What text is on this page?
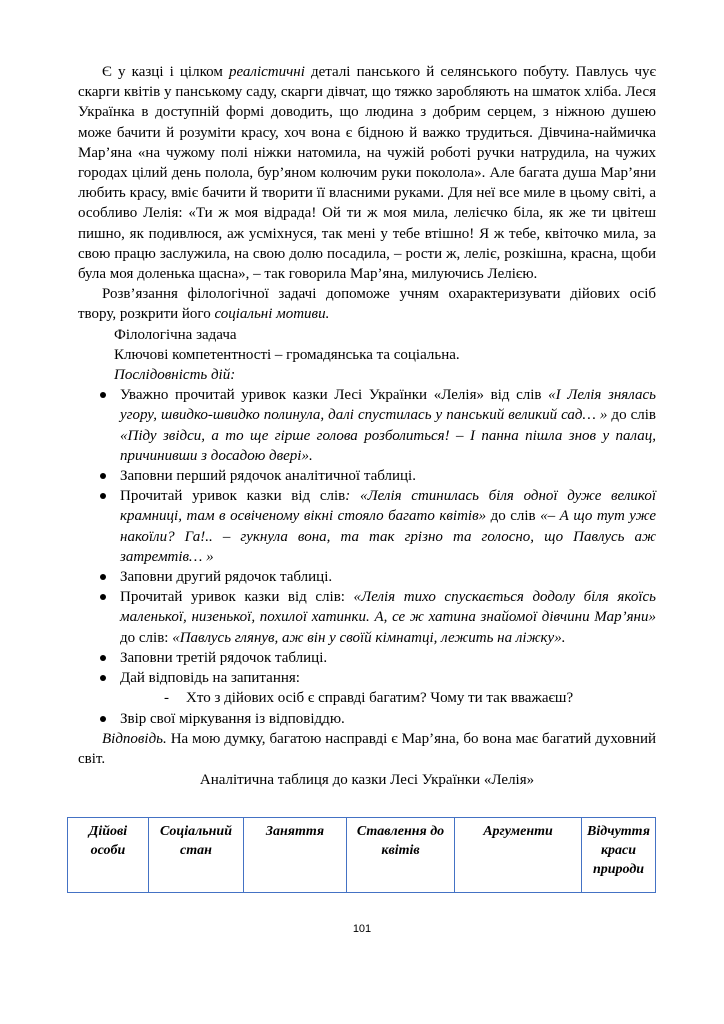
Є у казці і цілком реалістичні деталі панського й селянського побуту. Павлусь чує скарги квітів у панському саду, скарги дівчат, що тяжко заробляють на шматок хліба. Леся Українка в доступній формі доводить, що людина з добрим серцем, з ніжною душею може бачити й розуміти красу, хоч вона є бідною й важко трудиться. Дівчина-наймичка Мар’яна «на чужому полі ніжки натомила, на чужій роботі ручки натрудила, на чужих городах цілий день полола, бур’яном колючим руки поколола». Але багата душа Мар’яни любить красу, вміє бачити й творити її власними руками. Для неї все миле в цьому світі, а особливо Лелія: «Ти ж моя відрада! Ой ти ж моя мила, лелієчко біла, як же ти цвітеш пишно, як подивлюся, аж усміхнуся, так мені у тебе втішно! Я ж тебе, квіточко мила, за свою працю заслужила, на свою долю посадила, – рости ж, леліє, розкішна, красна, щоби була моя доленька щасна», – так говорила Мар’яна, милуючись Лелією.

Розв’язання філологічної задачі допоможе учням охарактеризувати дійових осіб твору, розкрити його соціальні мотиви.

Філологічна задача

Ключові компетентності – громадянська та соціальна.

Послідовність дій:

Уважно прочитай уривок казки Лесі Українки «Лелія» від слів «І Лелія знялась угору, швидко-швидко полинула, далі спустилась у панський великий сад… » до слів «Піду звідси, а то ще гірше голова розболиться! – І панна пішла знов у палац, причинивши з досадою двері».
Заповни перший рядочок аналітичної таблиці.
Прочитай уривок казки від слів: «Лелія стинилась біля одної дуже великої крамниці, там в освіченому вікні стояло багато квітів» до слів «– А що тут уже накоїли? Га!.. – гукнула вона, та так грізно та голосно, що Павлусь аж затремтів… »
Заповни другий рядочок таблиці.
Прочитай уривок казки від слів: «Лелія тихо спускається додолу біля якоїсь маленької, низенької, похилої хатинки. А, се ж хатина знайомої дівчини Мар’яни» до слів: «Павлусь глянув, аж він у своїй кімнатці, лежить на ліжку».
Заповни третій рядочок таблиці.
Дай відповідь на запитання:
- Хто з дійових осіб є справді багатим? Чому ти так вважаєш?
Звір свої міркування із відповіддю.

Відповідь. На мою думку, багатою насправді є Мар’яна, бо вона має багатий духовний світ.

Аналітична таблиця до казки Лесі Українки «Лелія»

Дійові особи	Соціальний стан	Заняття	Ставлення до квітів	Аргументи	Відчуття краси природи
101
